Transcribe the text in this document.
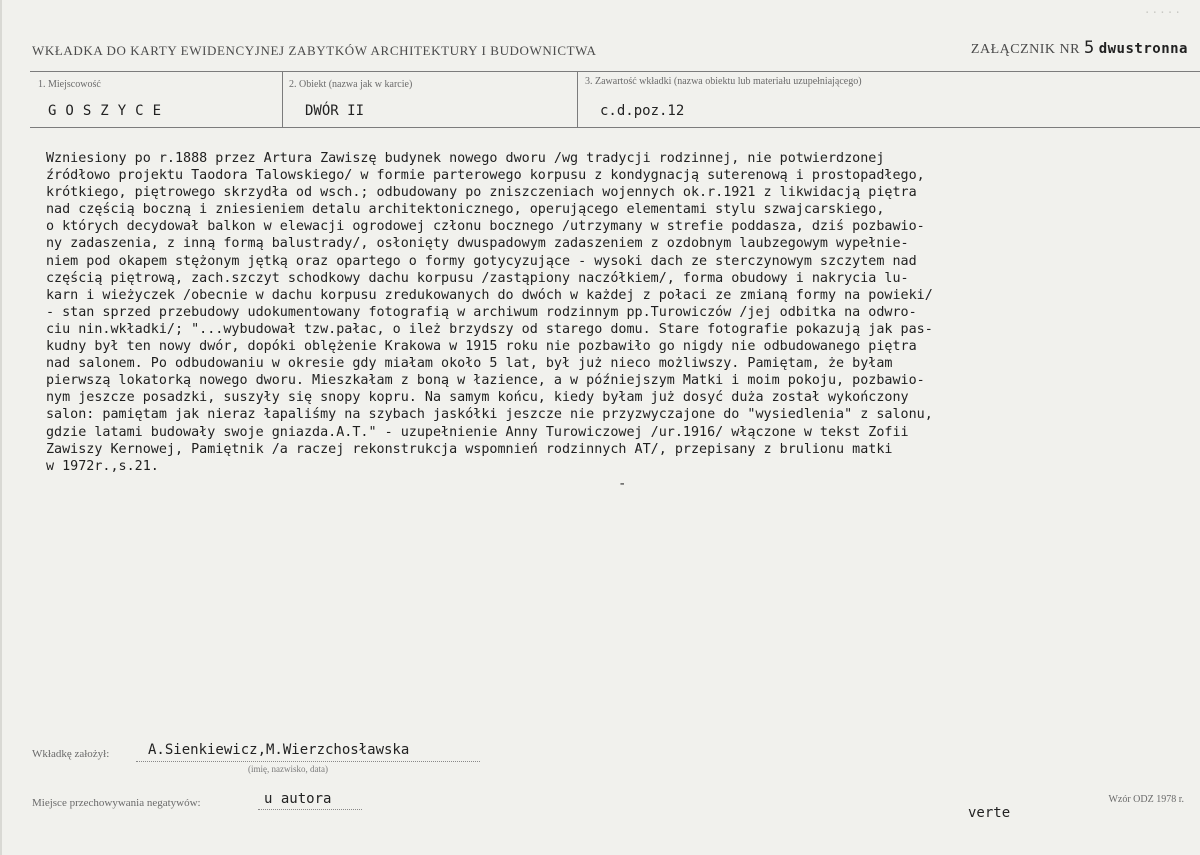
·····
WKŁADKA DO KARTY EWIDENCYJNEJ ZABYTKÓW ARCHITEKTURY I BUDOWNICTWA	ZAŁĄCZNIK NR 5 dwustronna
1. Miejscowość
GOSZYCE
2. Obiekt (nazwa jak w karcie)
DWÓR II
3. Zawartość wkładki (nazwa obiektu lub materiału uzupełniającego)
c.d.poz.12
Wzniesiony po r.1888 przez Artura Zawiszę budynek nowego dworu /wg tradycji rodzinnej, nie potwierdzonej
źródłowo projektu Taodora Talowskiego/ w formie parterowego korpusu z kondygnacją suterenową i prostopadłego,
krótkiego, piętrowego skrzydła od wsch.; odbudowany po zniszczeniach wojennych ok.r.1921 z likwidacją piętra
nad częścią boczną i zniesieniem detalu architektonicznego, operującego elementami stylu szwajcarskiego,
o których decydował balkon w elewacji ogrodowej członu bocznego /utrzymany w strefie poddasza, dziś pozbawio-
ny zadaszenia, z inną formą balustrady/, osłonięty dwuspadowym zadaszeniem z ozdobnym laubzegowym wypełnie-
niem pod okapem stężonym jętką oraz opartego o formy gotycyzujące - wysoki dach ze sterczynowym szczytem nad
częścią piętrową, zach.szczyt schodkowy dachu korpusu /zastąpiony naczółkiem/, forma obudowy i nakrycia lu-
karn i wieżyczek /obecnie w dachu korpusu zredukowanych do dwóch w każdej z połaci ze zmianą formy na powieki/
- stan sprzed przebudowy udokumentowany fotografią w archiwum rodzinnym pp.Turowiczów /jej odbitka na odwro-
ciu nin.wkładki/; "...wybudował tzw.pałac, o ileż brzydszy od starego domu. Stare fotografie pokazują jak pas-
kudny był ten nowy dwór, dopóki oblężenie Krakowa w 1915 roku nie pozbawiło go nigdy nie odbudowanego piętra
nad salonem. Po odbudowaniu w okresie gdy miałam około 5 lat, był już nieco możliwszy. Pamiętam, że byłam
pierwszą lokatorką nowego dworu. Mieszkałam z boną w łazience, a w późniejszym Matki i moim pokoju, pozbawio-
nym jeszcze posadzki, suszyły się snopy kopru. Na samym końcu, kiedy byłam już dosyć duża został wykończony
salon: pamiętam jak nieraz łapaliśmy na szybach jaskółki jeszcze nie przyzwyczajone do "wysiedlenia" z salonu,
gdzie latami budowały swoje gniazda.A.T." - uzupełnienie Anny Turowiczowej /ur.1916/ włączone w tekst Zofii
Zawiszy Kernowej, Pamiętnik /a raczej rekonstrukcja wspomnień rodzinnych AT/, przepisany z brulionu matki
w 1972r.,s.21.
-
Wkładkę założył:	A.Sienkiewicz,M.Wierzchosławska
(imię, nazwisko, data)
Miejsce przechowywania negatywów:	u autora
verte
Wzór ODZ 1978 r.
